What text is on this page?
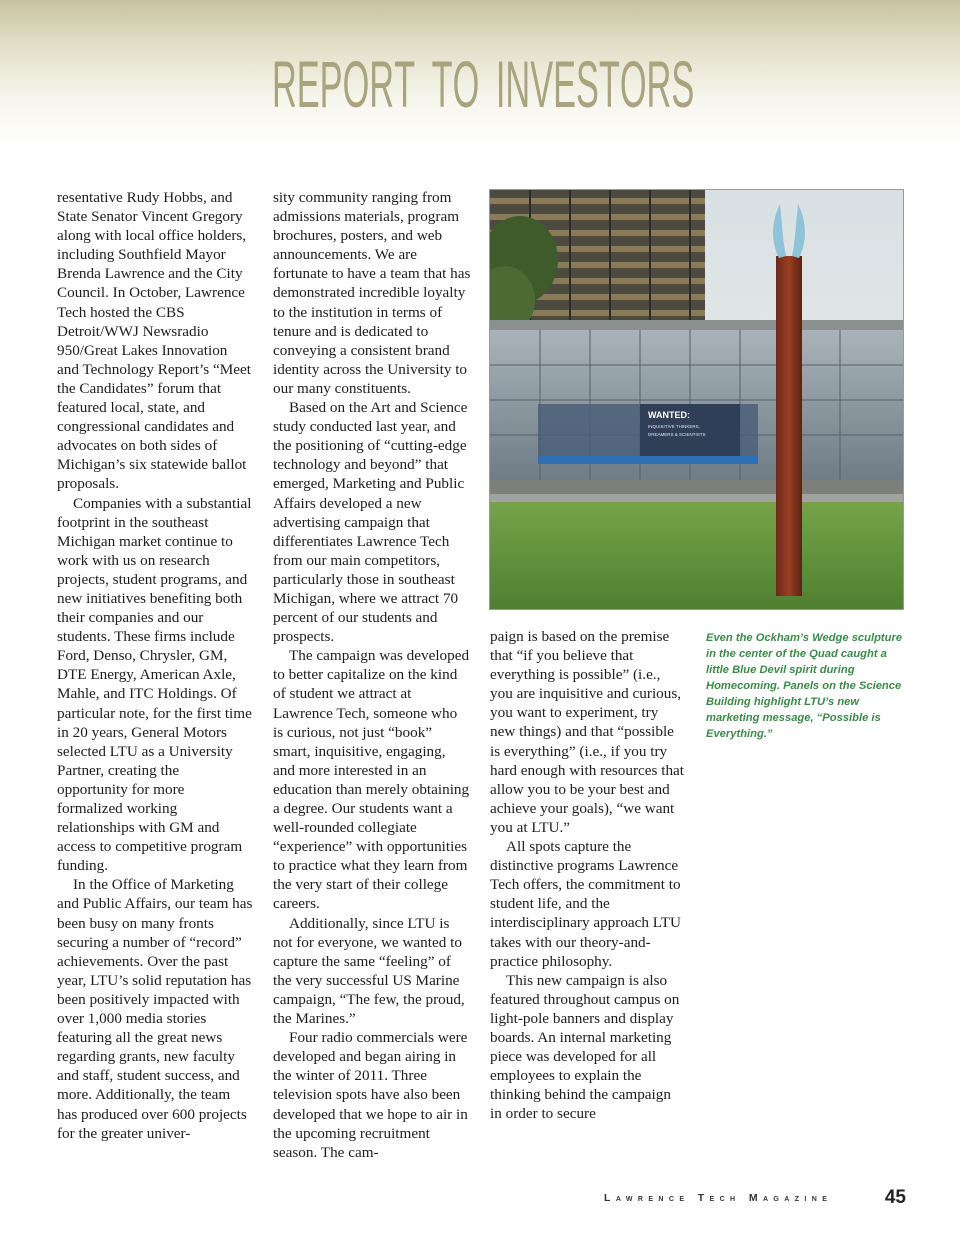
R E P O R T T O I N V E S T O R S

resentative Rudy Hobbs, and State Senator Vincent Gregory along with local office holders, including Southfield Mayor Brenda Lawrence and the City Council. In October, Lawrence Tech hosted the CBS Detroit/WWJ Newsradio 950/Great Lakes Innovation and Technology Report’s “Meet the Candidates” forum that featured local, state, and congressional candidates and advocates on both sides of Michigan’s six statewide ballot proposals.

Companies with a substantial footprint in the southeast Michigan market continue to work with us on research projects, student programs, and new initiatives benefiting both their companies and our students. These firms include Ford, Denso, Chrysler, GM, DTE Energy, American Axle, Mahle, and ITC Holdings. Of particular note, for the first time in 20 years, General Motors selected LTU as a University Partner, creating the opportunity for more formalized working relationships with GM and access to competitive program funding.

In the Office of Marketing and Public Affairs, our team has been busy on many fronts securing a number of “record” achievements. Over the past year, LTU’s solid reputation has been positively impacted with over 1,000 media stories featuring all the great news regarding grants, new faculty and staff, student success, and more. Additionally, the team has produced over 600 projects for the greater univer-

sity community ranging from admissions materials, program brochures, posters, and web announcements. We are fortunate to have a team that has demonstrated incredible loyalty to the institution in terms of tenure and is dedicated to conveying a consistent brand identity across the University to our many constituents.

Based on the Art and Science study conducted last year, and the positioning of “cutting-edge technology and beyond” that emerged, Marketing and Public Affairs developed a new advertising campaign that differentiates Lawrence Tech from our main competitors, particularly those in southeast Michigan, where we attract 70 percent of our students and prospects.

The campaign was developed to better capitalize on the kind of student we attract at Lawrence Tech, someone who is curious, not just “book” smart, inquisitive, engaging, and more interested in an education than merely obtaining a degree. Our students want a well-rounded collegiate “experience” with opportunities to practice what they learn from the very start of their college careers.

Additionally, since LTU is not for everyone, we wanted to capture the same “feeling” of the very successful US Marine campaign, “The few, the proud, the Marines.”

Four radio commercials were developed and began airing in the winter of 2011. Three television spots have also been developed that we hope to air in the upcoming recruitment season. The cam-

WANTED:
INQUISITIVE THINKERS,
DREAMERS & SCIENTISTS

paign is based on the premise that “if you believe that everything is possible” (i.e., you are inquisitive and curious, you want to experiment, try new things) and that “possible is everything” (i.e., if you try hard enough with resources that allow you to be your best and achieve your goals), “we want you at LTU.”

All spots capture the distinctive programs Lawrence Tech offers, the commitment to student life, and the interdisciplinary approach LTU takes with our theory-and-practice philosophy.

This new campaign is also featured throughout campus on light-pole banners and display boards. An internal marketing piece was developed for all employees to explain the thinking behind the campaign in order to secure

Even the Ockham’s Wedge sculpture in the center of the Quad caught a little Blue Devil spirit during Homecoming. Panels on the Science Building highlight LTU’s new marketing message, “Possible is Everything.”
Lawrence Tech Magazine	45
